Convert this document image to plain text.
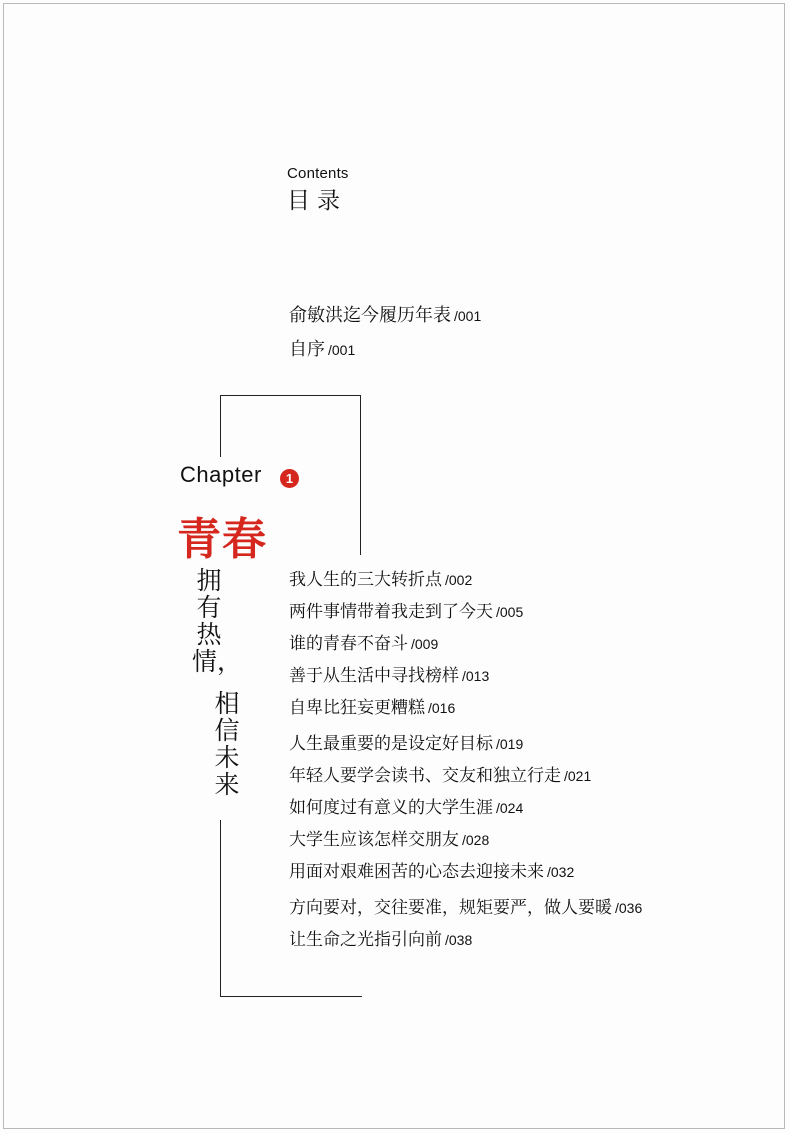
Contents
目录
俞敏洪迄今履历年表 /001
自序 /001
Chapter	1
青春
拥有热情，
相信未来
我人生的三大转折点 /002
两件事情带着我走到了今天 /005
谁的青春不奋斗 /009
善于从生活中寻找榜样 /013
自卑比狂妄更糟糕 /016
人生最重要的是设定好目标 /019
年轻人要学会读书、交友和独立行走 /021
如何度过有意义的大学生涯 /024
大学生应该怎样交朋友 /028
用面对艰难困苦的心态去迎接未来 /032
方向要对，交往要准，规矩要严，做人要暖 /036
让生命之光指引向前 /038
